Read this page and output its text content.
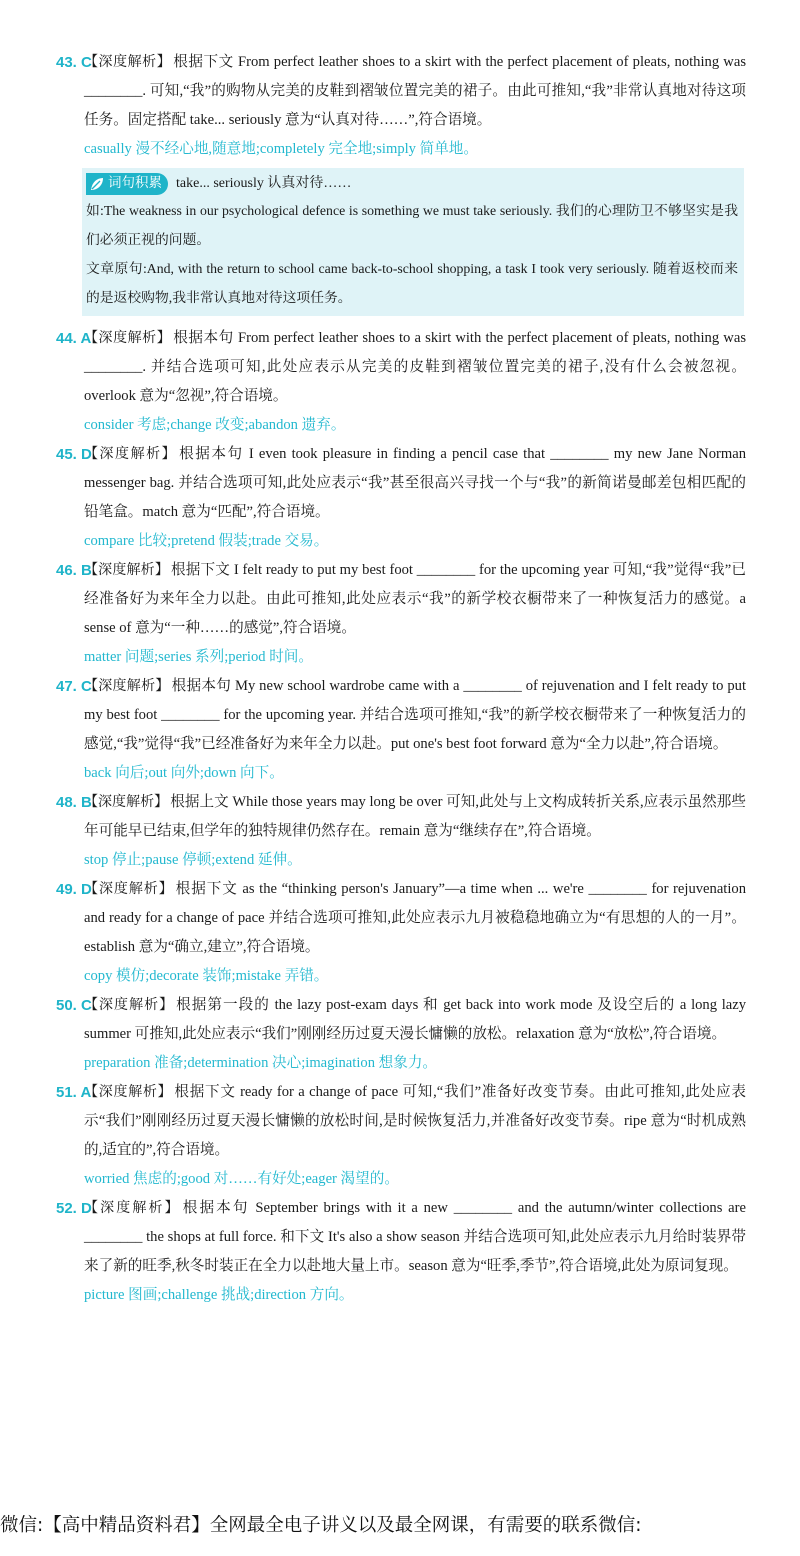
43. C
【深度解析】 根据下文 From perfect leather shoes to a skirt with the perfect placement of pleats, nothing was ________. 可知,“我”的购物从完美的皮鞋到褶皱位置完美的裙子。由此可推知,“我”非常认真地对待这项任务。固定搭配 take... seriously 意为“认真对待……”,符合语境。
casually 漫不经心地,随意地;completely 完全地;simply 简单地。
词句积累 take... seriously 认真对待……
如:The weakness in our psychological defence is something we must take seriously. 我们的心理防卫不够坚实是我们必须正视的问题。
文章原句:And, with the return to school came back-to-school shopping, a task I took very seriously. 随着返校而来的是返校购物,我非常认真地对待这项任务。
44. A
【深度解析】 根据本句 From perfect leather shoes to a skirt with the perfect placement of pleats, nothing was ________. 并结合选项可知,此处应表示从完美的皮鞋到褶皱位置完美的裙子,没有什么会被忽视。overlook 意为“忽视”,符合语境。
consider 考虑;change 改变;abandon 遗弃。
45. D
【深度解析】 根据本句 I even took pleasure in finding a pencil case that ________ my new Jane Norman messenger bag. 并结合选项可知,此处应表示“我”甚至很高兴寻找一个与“我”的新简诺曼邮差包相匹配的铅笔盒。match 意为“匹配”,符合语境。
compare 比较;pretend 假装;trade 交易。
46. B
【深度解析】 根据下文 I felt ready to put my best foot ________ for the upcoming year 可知,“我”觉得“我”已经准备好为来年全力以赴。由此可推知,此处应表示“我”的新学校衣橱带来了一种恢复活力的感觉。a sense of 意为“一种……的感觉”,符合语境。
matter 问题;series 系列;period 时间。
47. C
【深度解析】 根据本句 My new school wardrobe came with a ________ of rejuvenation and I felt ready to put my best foot ________ for the upcoming year. 并结合选项可推知,“我”的新学校衣橱带来了一种恢复活力的感觉,“我”觉得“我”已经准备好为来年全力以赴。put one's best foot forward 意为“全力以赴”,符合语境。
back 向后;out 向外;down 向下。
48. B
【深度解析】 根据上文 While those years may long be over 可知,此处与上文构成转折关系,应表示虽然那些年可能早已结束,但学年的独特规律仍然存在。remain 意为“继续存在”,符合语境。
stop 停止;pause 停顿;extend 延伸。
49. D
【深度解析】 根据下文 as the “thinking person's January”—a time when ... we're ________ for rejuvenation and ready for a change of pace 并结合选项可推知,此处应表示九月被稳稳地确立为“有思想的人的一月”。establish 意为“确立,建立”,符合语境。
copy 模仿;decorate 装饰;mistake 弄错。
50. C
【深度解析】 根据第一段的 the lazy post-exam days 和 get back into work mode 及设空后的 a long lazy summer 可推知,此处应表示“我们”刚刚经历过夏天漫长慵懒的放松。relaxation 意为“放松”,符合语境。
preparation 准备;determination 决心;imagination 想象力。
51. A
【深度解析】 根据下文 ready for a change of pace 可知,“我们”准备好改变节奏。由此可推知,此处应表示“我们”刚刚经历过夏天漫长慵懒的放松时间,是时候恢复活力,并准备好改变节奏。ripe 意为“时机成熟的,适宜的”,符合语境。
worried 焦虑的;good 对……有好处;eager 渴望的。
52. D
【深度解析】 根据本句 September brings with it a new ________ and the autumn/winter collections are ________ the shops at full force. 和下文 It's also a show season 并结合选项可知,此处应表示九月给时装界带来了新的旺季,秋冬时装正在全力以赴地大量上市。season 意为“旺季,季节”,符合语境,此处为原词复现。
picture 图画;challenge 挑战;direction 方向。
微信:【高中精品资料君】全网最全电子讲义以及最全网课，有需要的联系微信:
